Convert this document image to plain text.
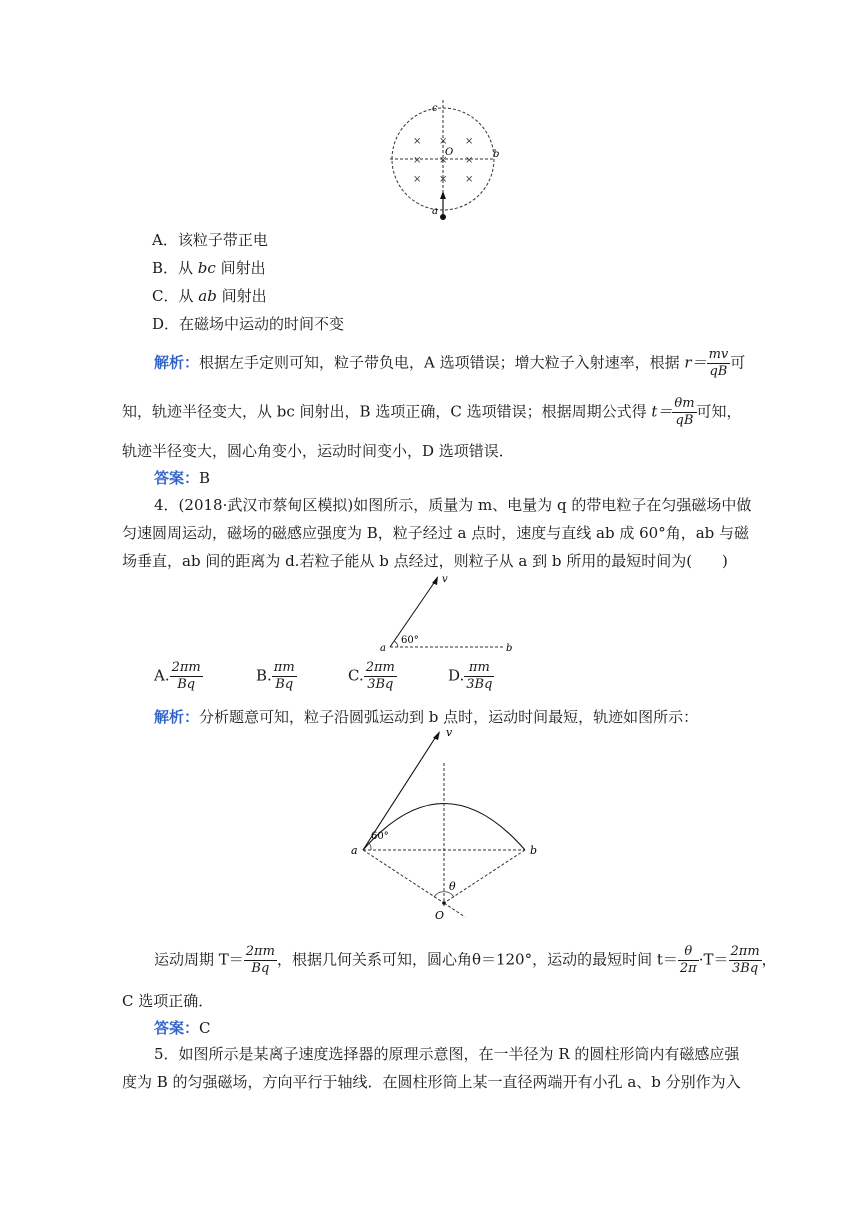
c
b
O
a
× × ×
× × ×
× × ×
A．该粒子带正电
B．从 bc 间射出
C．从 ab 间射出
D．在磁场中运动的时间不变
解析：根据左手定则可知，粒子带负电，A 选项错误；增大粒子入射速率，根据 $r= \frac{mv}{qB}$ 可
知，轨迹半径变大，从 bc 间射出，B 选项正确，C 选项错误；根据周期公式得 $t= \frac{\theta m}{qB}$ 可知，
轨迹半径变大，圆心角变小，运动时间变小，D 选项错误．
答案：B
4．(2018·武汉市蔡甸区模拟)如图所示，质量为 m、电量为 q 的带电粒子在匀强磁场中做
匀速圆周运动，磁场的磁感应强度为 B，粒子经过 a 点时，速度与直线 ab 成 60°角，ab 与磁
场垂直，ab 间的距离为 d.若粒子能从 b 点经过，则粒子从 a 到 b 所用的最短时间为(　　)
v
a	b
60°
A. $\frac{2\pi m}{Bq}$	B. $\frac{\pi m}{Bq}$	C. $\frac{2\pi m}{3Bq}$	D. $\frac{\pi m}{3Bq}$
解析：分析题意可知，粒子沿圆弧运动到 b 点时，运动时间最短，轨迹如图所示：
v
a	b
60°
θ
O
运动周期 $T= \frac{2\pi m}{Bq}$ ，根据几何关系可知，圆心角θ＝120°，运动的最短时间 $t= \frac{\theta}{2\pi} \cdot T= \frac{2\pi m}{3Bq}$ ，
C 选项正确．
答案：C
5．如图所示是某离子速度选择器的原理示意图，在一半径为 R 的圆柱形筒内有磁感应强
度为 B 的匀强磁场，方向平行于轴线．在圆柱形筒上某一直径两端开有小孔 a、b 分别作为入
